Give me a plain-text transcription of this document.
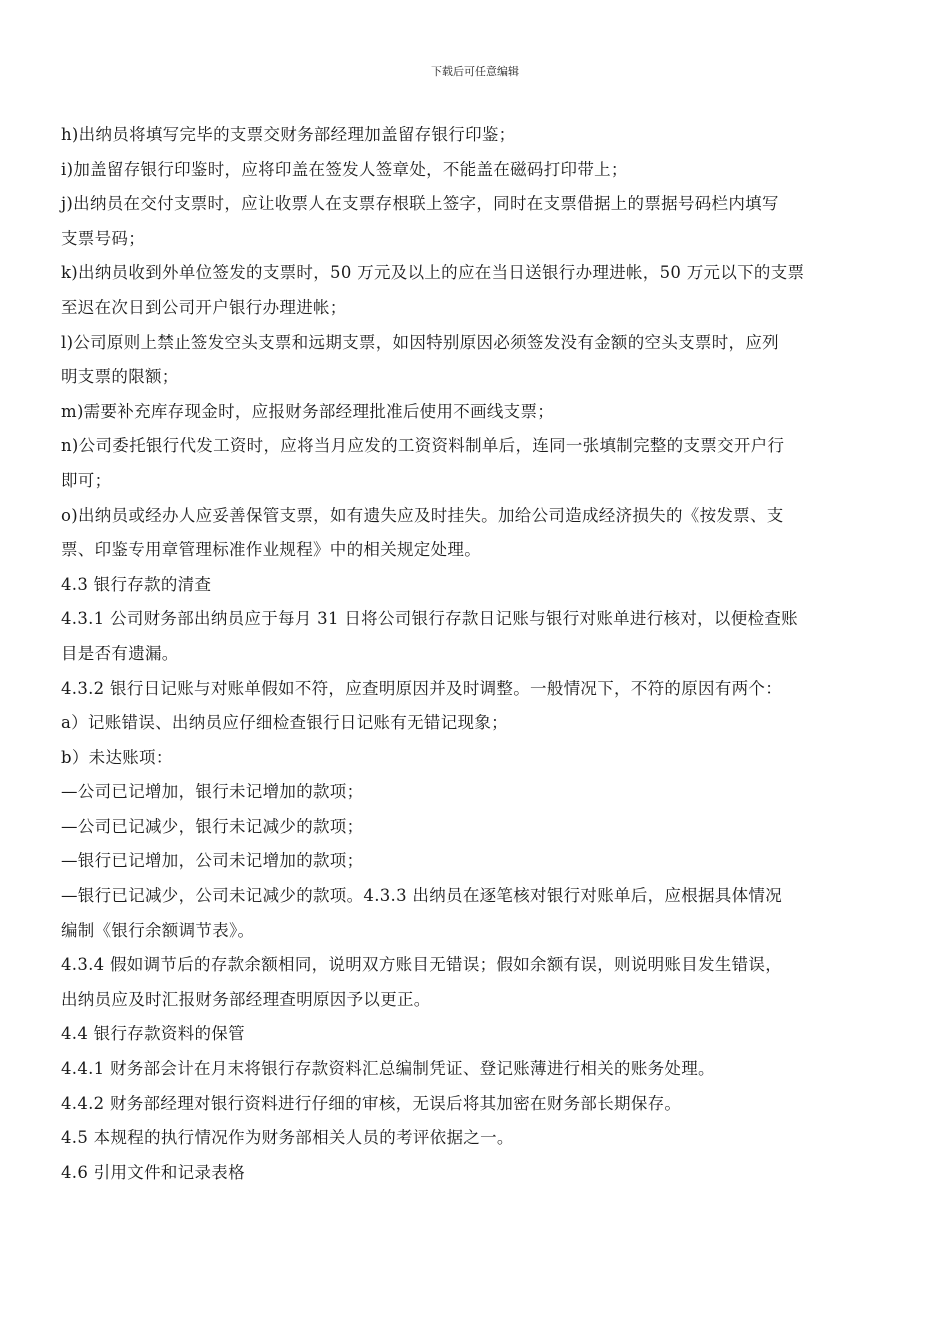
下载后可任意编辑
h)出纳员将填写完毕的支票交财务部经理加盖留存银行印鉴；
i)加盖留存银行印鉴时，应将印盖在签发人签章处，不能盖在磁码打印带上；
j)出纳员在交付支票时，应让收票人在支票存根联上签字，同时在支票借据上的票据号码栏内填写
支票号码；
k)出纳员收到外单位签发的支票时，50 万元及以上的应在当日送银行办理进帐，50 万元以下的支票
至迟在次日到公司开户银行办理进帐；
l)公司原则上禁止签发空头支票和远期支票，如因特别原因必须签发没有金额的空头支票时，应列
明支票的限额；
m)需要补充库存现金时，应报财务部经理批准后使用不画线支票；
n)公司委托银行代发工资时，应将当月应发的工资资料制单后，连同一张填制完整的支票交开户行
即可；
o)出纳员或经办人应妥善保管支票，如有遗失应及时挂失。加给公司造成经济损失的《按发票、支
票、印鉴专用章管理标准作业规程》中的相关规定处理。
4.3 银行存款的清查
4.3.1 公司财务部出纳员应于每月 31 日将公司银行存款日记账与银行对账单进行核对，以便检查账
目是否有遗漏。
4.3.2 银行日记账与对账单假如不符，应查明原因并及时调整。一般情况下，不符的原因有两个：
a）记账错误、出纳员应仔细检查银行日记账有无错记现象；
b）未达账项：
—公司已记增加，银行未记增加的款项；
—公司已记减少，银行未记减少的款项；
—银行已记增加，公司未记增加的款项；
—银行已记减少，公司未记减少的款项。4.3.3 出纳员在逐笔核对银行对账单后，应根据具体情况
编制《银行余额调节表》。
4.3.4 假如调节后的存款余额相同，说明双方账目无错误；假如余额有误，则说明账目发生错误，
出纳员应及时汇报财务部经理查明原因予以更正。
4.4 银行存款资料的保管
4.4.1 财务部会计在月末将银行存款资料汇总编制凭证、登记账薄进行相关的账务处理。
4.4.2 财务部经理对银行资料进行仔细的审核，无误后将其加密在财务部长期保存。
4.5 本规程的执行情况作为财务部相关人员的考评依据之一。
4.6 引用文件和记录表格
